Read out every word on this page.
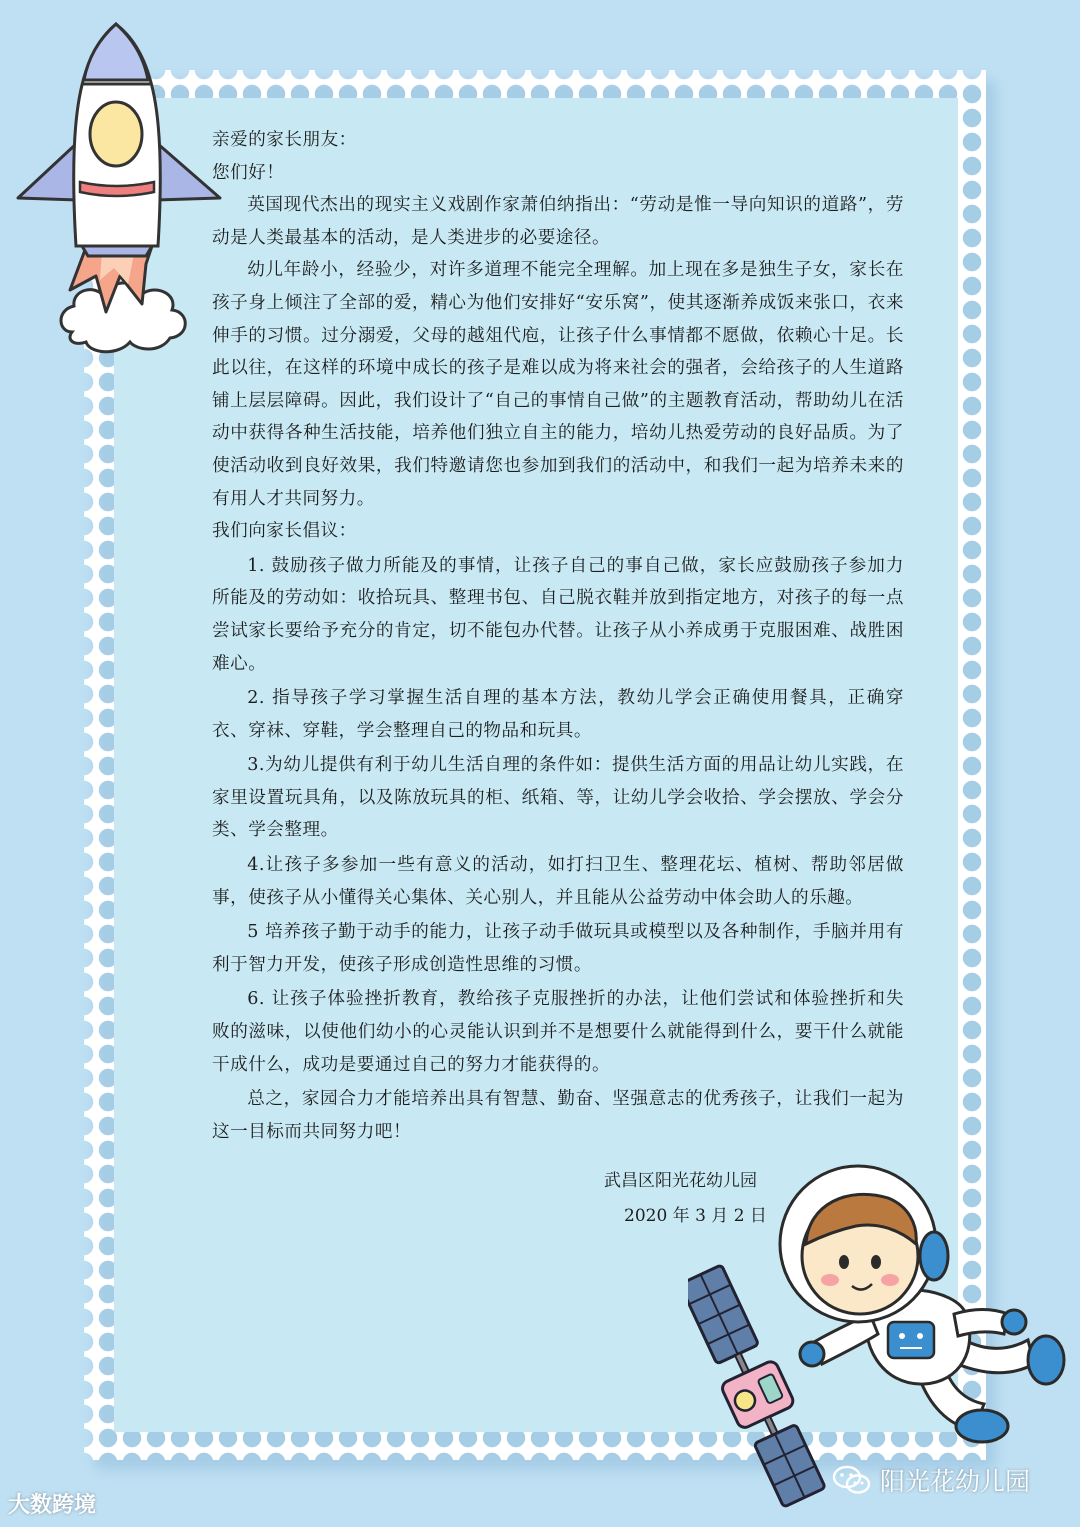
亲爱的家长朋友：

您们好！

英国现代杰出的现实主义戏剧作家萧伯纳指出：“劳动是惟一导向知识的道路”，劳动是人类最基本的活动，是人类进步的必要途径。

幼儿年龄小，经验少，对许多道理不能完全理解。加上现在多是独生子女，家长在孩子身上倾注了全部的爱，精心为他们安排好“安乐窝”，使其逐渐养成饭来张口，衣来伸手的习惯。过分溺爱，父母的越俎代庖，让孩子什么事情都不愿做，依赖心十足。长此以往，在这样的环境中成长的孩子是难以成为将来社会的强者，会给孩子的人生道路铺上层层障碍。因此，我们设计了“自己的事情自己做”的主题教育活动，帮助幼儿在活动中获得各种生活技能，培养他们独立自主的能力，培幼儿热爱劳动的良好品质。为了使活动收到良好效果，我们特邀请您也参加到我们的活动中，和我们一起为培养未来的有用人才共同努力。

我们向家长倡议：

1. 鼓励孩子做力所能及的事情，让孩子自己的事自己做，家长应鼓励孩子参加力所能及的劳动如：收拾玩具、整理书包、自己脱衣鞋并放到指定地方，对孩子的每一点尝试家长要给予充分的肯定，切不能包办代替。让孩子从小养成勇于克服困难、战胜困难心。

2. 指导孩子学习掌握生活自理的基本方法，教幼儿学会正确使用餐具，正确穿衣、穿袜、穿鞋，学会整理自己的物品和玩具。

3.为幼儿提供有利于幼儿生活自理的条件如：提供生活方面的用品让幼儿实践，在家里设置玩具角，以及陈放玩具的柜、纸箱、等，让幼儿学会收拾、学会摆放、学会分类、学会整理。

4.让孩子多参加一些有意义的活动，如打扫卫生、整理花坛、植树、帮助邻居做事，使孩子从小懂得关心集体、关心别人，并且能从公益劳动中体会助人的乐趣。

5 培养孩子勤于动手的能力，让孩子动手做玩具或模型以及各种制作，手脑并用有利于智力开发，使孩子形成创造性思维的习惯。

6. 让孩子体验挫折教育，教给孩子克服挫折的办法，让他们尝试和体验挫折和失败的滋味，以使他们幼小的心灵能认识到并不是想要什么就能得到什么，要干什么就能干成什么，成功是要通过自己的努力才能获得的。

总之，家园合力才能培养出具有智慧、勤奋、坚强意志的优秀孩子，让我们一起为这一目标而共同努力吧！

武昌区阳光花幼儿园
2020 年 3 月 2 日
大数跨境
阳光花幼儿园
